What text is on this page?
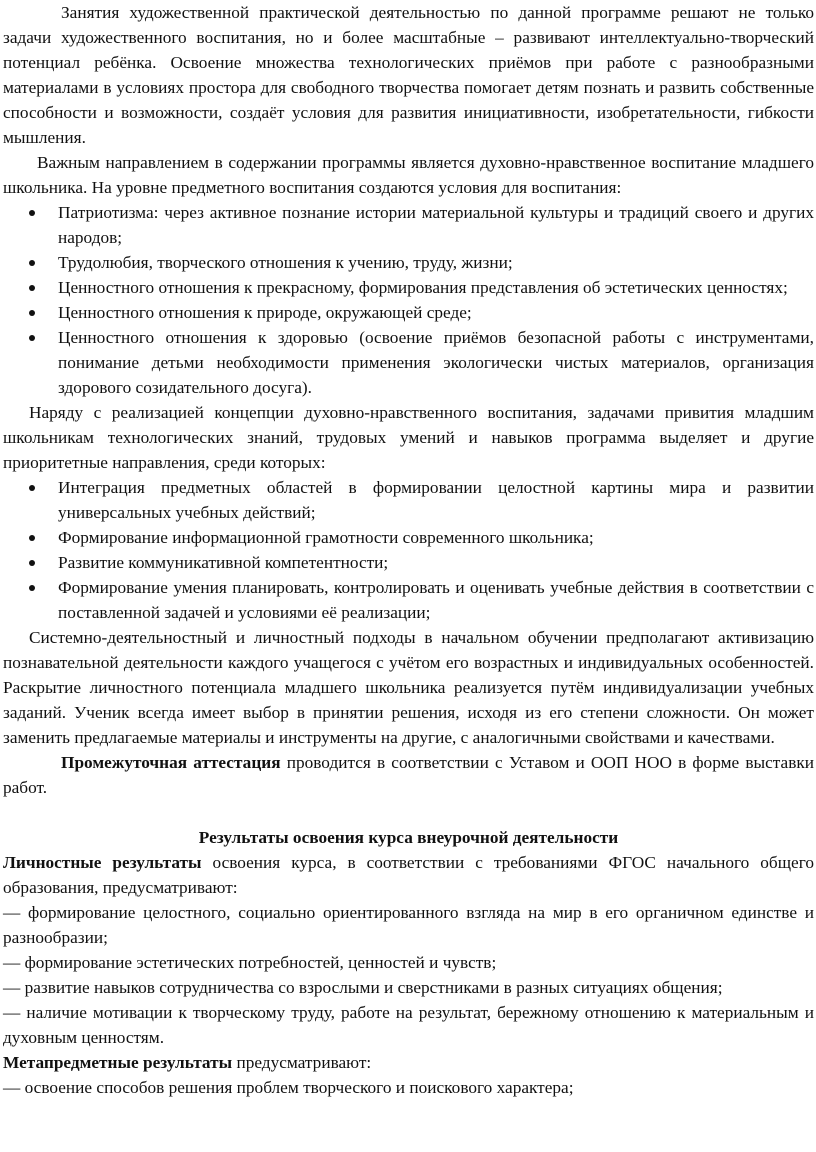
Занятия художественной практической деятельностью по данной программе решают не только задачи художественного воспитания, но и более масштабные – развивают интеллектуально-творческий потенциал ребёнка. Освоение множества технологических приёмов при работе с разнообразными материалами в условиях простора для свободного творчества помогает детям познать и развить собственные способности и возможности, создаёт условия для развития инициативности, изобретательности, гибкости мышления.

Важным направлением в содержании программы является духовно-нравственное воспитание младшего школьника. На уровне предметного воспитания создаются условия для воспитания:

Патриотизма: через активное познание истории материальной культуры и традиций своего и других народов;
Трудолюбия, творческого отношения к учению, труду, жизни;
Ценностного отношения к прекрасному, формирования представления об эстетических ценностях;
Ценностного отношения к природе, окружающей среде;
Ценностного отношения к здоровью (освоение приёмов безопасной работы с инструментами, понимание детьми необходимости применения экологически чистых материалов, организация здорового созидательного досуга).

Наряду с реализацией концепции духовно-нравственного воспитания, задачами привития младшим школьникам технологических знаний, трудовых умений и навыков программа выделяет и другие приоритетные направления, среди которых:

Интеграция предметных областей в формировании целостной картины мира и развитии универсальных учебных действий;
Формирование информационной грамотности современного школьника;
Развитие коммуникативной компетентности;
Формирование умения планировать, контролировать и оценивать учебные действия в соответствии с поставленной задачей и условиями её реализации;

Системно-деятельностный и личностный подходы в начальном обучении предполагают активизацию познавательной деятельности каждого учащегося с учётом его возрастных и индивидуальных особенностей. Раскрытие личностного потенциала младшего школьника реализуется путём индивидуализации учебных заданий. Ученик всегда имеет выбор в принятии решения, исходя из его степени сложности. Он может заменить предлагаемые материалы и инструменты на другие, с аналогичными свойствами и качествами.

Промежуточная аттестация проводится в соответствии с Уставом и ООП НОО в форме выставки работ.

Результаты освоения курса внеурочной деятельности

Личностные результаты освоения курса, в соответствии с требованиями ФГОС начального общего образования, предусматривают:

— формирование целостного, социально ориентированного взгляда на мир в его органичном единстве и разнообразии;

— формирование эстетических потребностей, ценностей и чувств;

— развитие навыков сотрудничества со взрослыми и сверстниками в разных ситуациях общения;

— наличие мотивации к творческому труду, работе на результат, бережному отношению к материальным и духовным ценностям.

Метапредметные результаты предусматривают:

— освоение способов решения проблем творческого и поискового характера;
